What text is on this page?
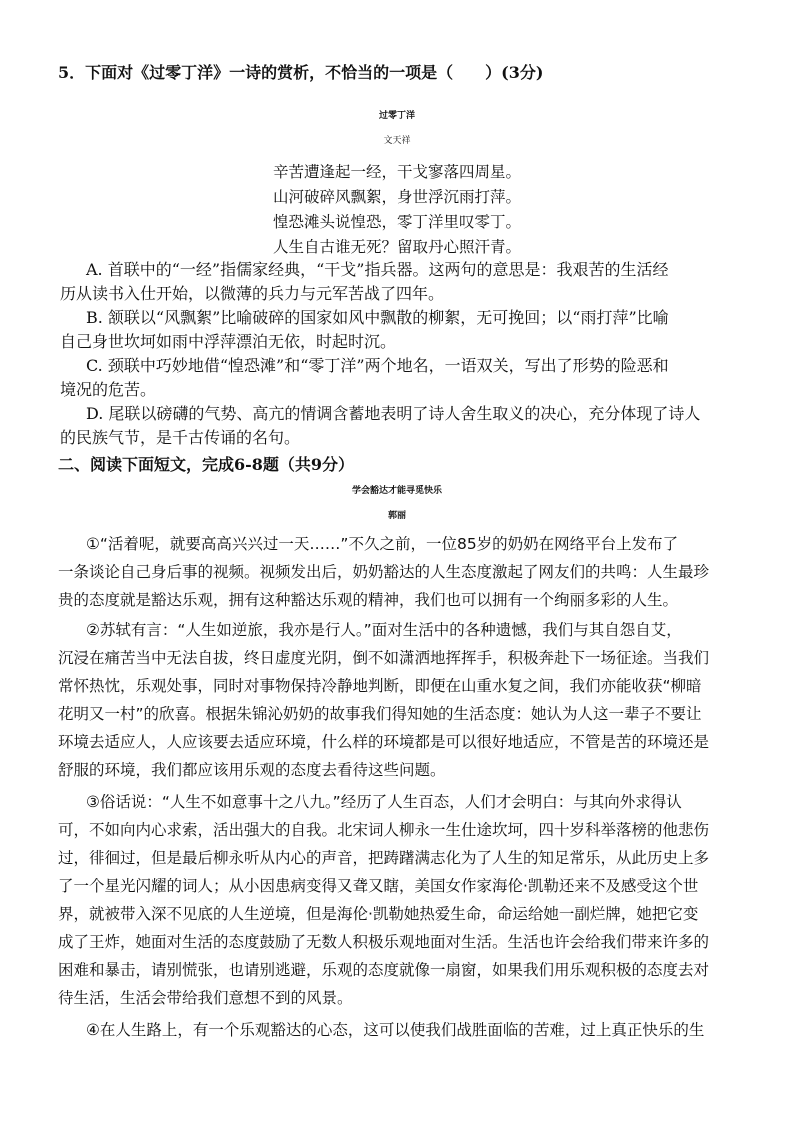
5．下面对《过零丁洋》一诗的赏析，不恰当的一项是（　　）(3分)
过零丁洋
文天祥
辛苦遭逢起一经，干戈寥落四周星。
山河破碎风飘絮，身世浮沉雨打萍。
惶恐滩头说惶恐，零丁洋里叹零丁。
人生自古谁无死？留取丹心照汗青。
A. 首联中的“一经”指儒家经典，“干戈”指兵器。这两句的意思是：我艰苦的生活经
历从读书入仕开始，以微薄的兵力与元军苦战了四年。
B. 颔联以“风飘絮”比喻破碎的国家如风中飘散的柳絮，无可挽回；以“雨打萍”比喻
自己身世坎坷如雨中浮萍漂泊无依，时起时沉。
C. 颈联中巧妙地借“惶恐滩”和“零丁洋”两个地名，一语双关，写出了形势的险恶和
境况的危苦。
D. 尾联以磅礴的气势、高亢的情调含蓄地表明了诗人舍生取义的决心，充分体现了诗人
的民族气节，是千古传诵的名句。
二、阅读下面短文，完成6-8题（共9分）
学会豁达才能寻觅快乐
郭丽
①“活着呢，就要高高兴兴过一天……”不久之前，一位85岁的奶奶在网络平台上发布了
一条谈论自己身后事的视频。视频发出后，奶奶豁达的人生态度激起了网友们的共鸣：人生最珍
贵的态度就是豁达乐观，拥有这种豁达乐观的精神，我们也可以拥有一个绚丽多彩的人生。
②苏轼有言：“人生如逆旅，我亦是行人。”面对生活中的各种遗憾，我们与其自怨自艾，
沉浸在痛苦当中无法自拔，终日虚度光阴，倒不如潇洒地挥挥手，积极奔赴下一场征途。当我们
常怀热忱，乐观处事，同时对事物保持冷静地判断，即便在山重水复之间，我们亦能收获“柳暗
花明又一村”的欣喜。根据朱锦沁奶奶的故事我们得知她的生活态度：她认为人这一辈子不要让
环境去适应人，人应该要去适应环境，什么样的环境都是可以很好地适应，不管是苦的环境还是
舒服的环境，我们都应该用乐观的态度去看待这些问题。
③俗话说：“人生不如意事十之八九。”经历了人生百态，人们才会明白：与其向外求得认
可，不如向内心求索，活出强大的自我。北宋词人柳永一生仕途坎坷，四十岁科举落榜的他悲伤
过，徘徊过，但是最后柳永听从内心的声音，把踌躇满志化为了人生的知足常乐，从此历史上多
了一个星光闪耀的词人；从小因患病变得又聋又瞎，美国女作家海伦·凯勒还来不及感受这个世
界，就被带入深不见底的人生逆境，但是海伦·凯勒她热爱生命，命运给她一副烂牌，她把它变
成了王炸，她面对生活的态度鼓励了无数人积极乐观地面对生活。生活也许会给我们带来许多的
困难和暴击，请别慌张，也请别逃避，乐观的态度就像一扇窗，如果我们用乐观积极的态度去对
待生活，生活会带给我们意想不到的风景。
④在人生路上，有一个乐观豁达的心态，这可以使我们战胜面临的苦难，过上真正快乐的生
